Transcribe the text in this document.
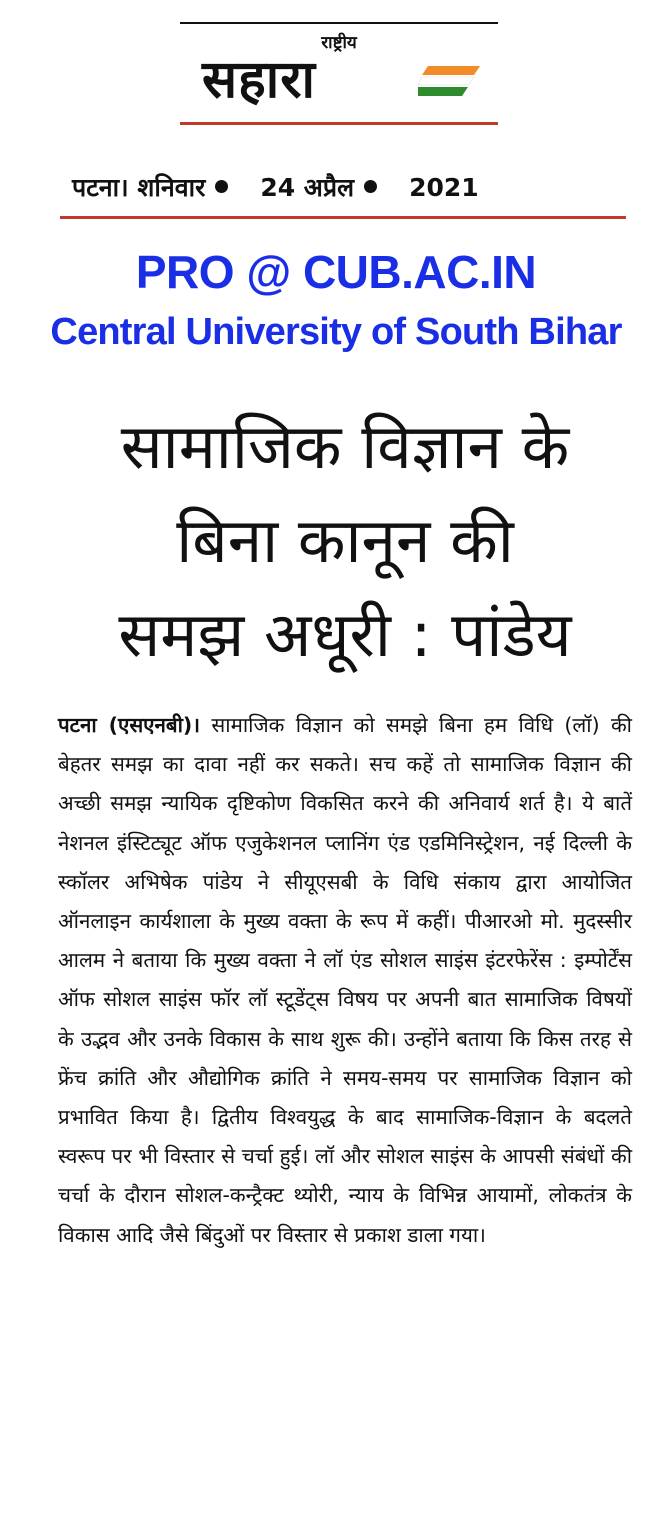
राष्ट्रीय
सहारा
पटना। शनिवार 24 अप्रैल 2021
PRO @ CUB.AC.IN
Central University of South Bihar
सामाजिक विज्ञान के
बिना कानून की
समझ अधूरी : पांडेय

पटना (एसएनबी)। सामाजिक विज्ञान को समझे बिना हम विधि (लॉ) की बेहतर समझ का दावा नहीं कर सकते। सच कहें तो सामाजिक विज्ञान की अच्छी समझ न्यायिक दृष्टिकोण विकसित करने की अनिवार्य शर्त है। ये बातें नेशनल इंस्टिट्यूट ऑफ एजुकेशनल प्लानिंग एंड एडमिनिस्ट्रेशन, नई दिल्ली के स्कॉलर अभिषेक पांडेय ने सीयूएसबी के विधि संकाय द्वारा आयोजित ऑनलाइन कार्यशाला के मुख्य वक्ता के रूप में कहीं। पीआरओ मो. मुदस्सीर आलम ने बताया कि मुख्य वक्ता ने लॉ एंड सोशल साइंस इंटरफेरेंस : इम्पोर्टेंस ऑफ सोशल साइंस फॉर लॉ स्टूडेंट्स विषय पर अपनी बात सामाजिक विषयों के उद्भव और उनके विकास के साथ शुरू की। उन्होंने बताया कि किस तरह से फ्रेंच क्रांति और औद्योगिक क्रांति ने समय-समय पर सामाजिक विज्ञान को प्रभावित किया है। द्वितीय विश्वयुद्ध के बाद सामाजिक-विज्ञान के बदलते स्वरूप पर भी विस्तार से चर्चा हुई। लॉ और सोशल साइंस के आपसी संबंधों की चर्चा के दौरान सोशल-कन्ट्रैक्ट थ्योरी, न्याय के विभिन्न आयामों, लोकतंत्र के विकास आदि जैसे बिंदुओं पर विस्तार से प्रकाश डाला गया।
